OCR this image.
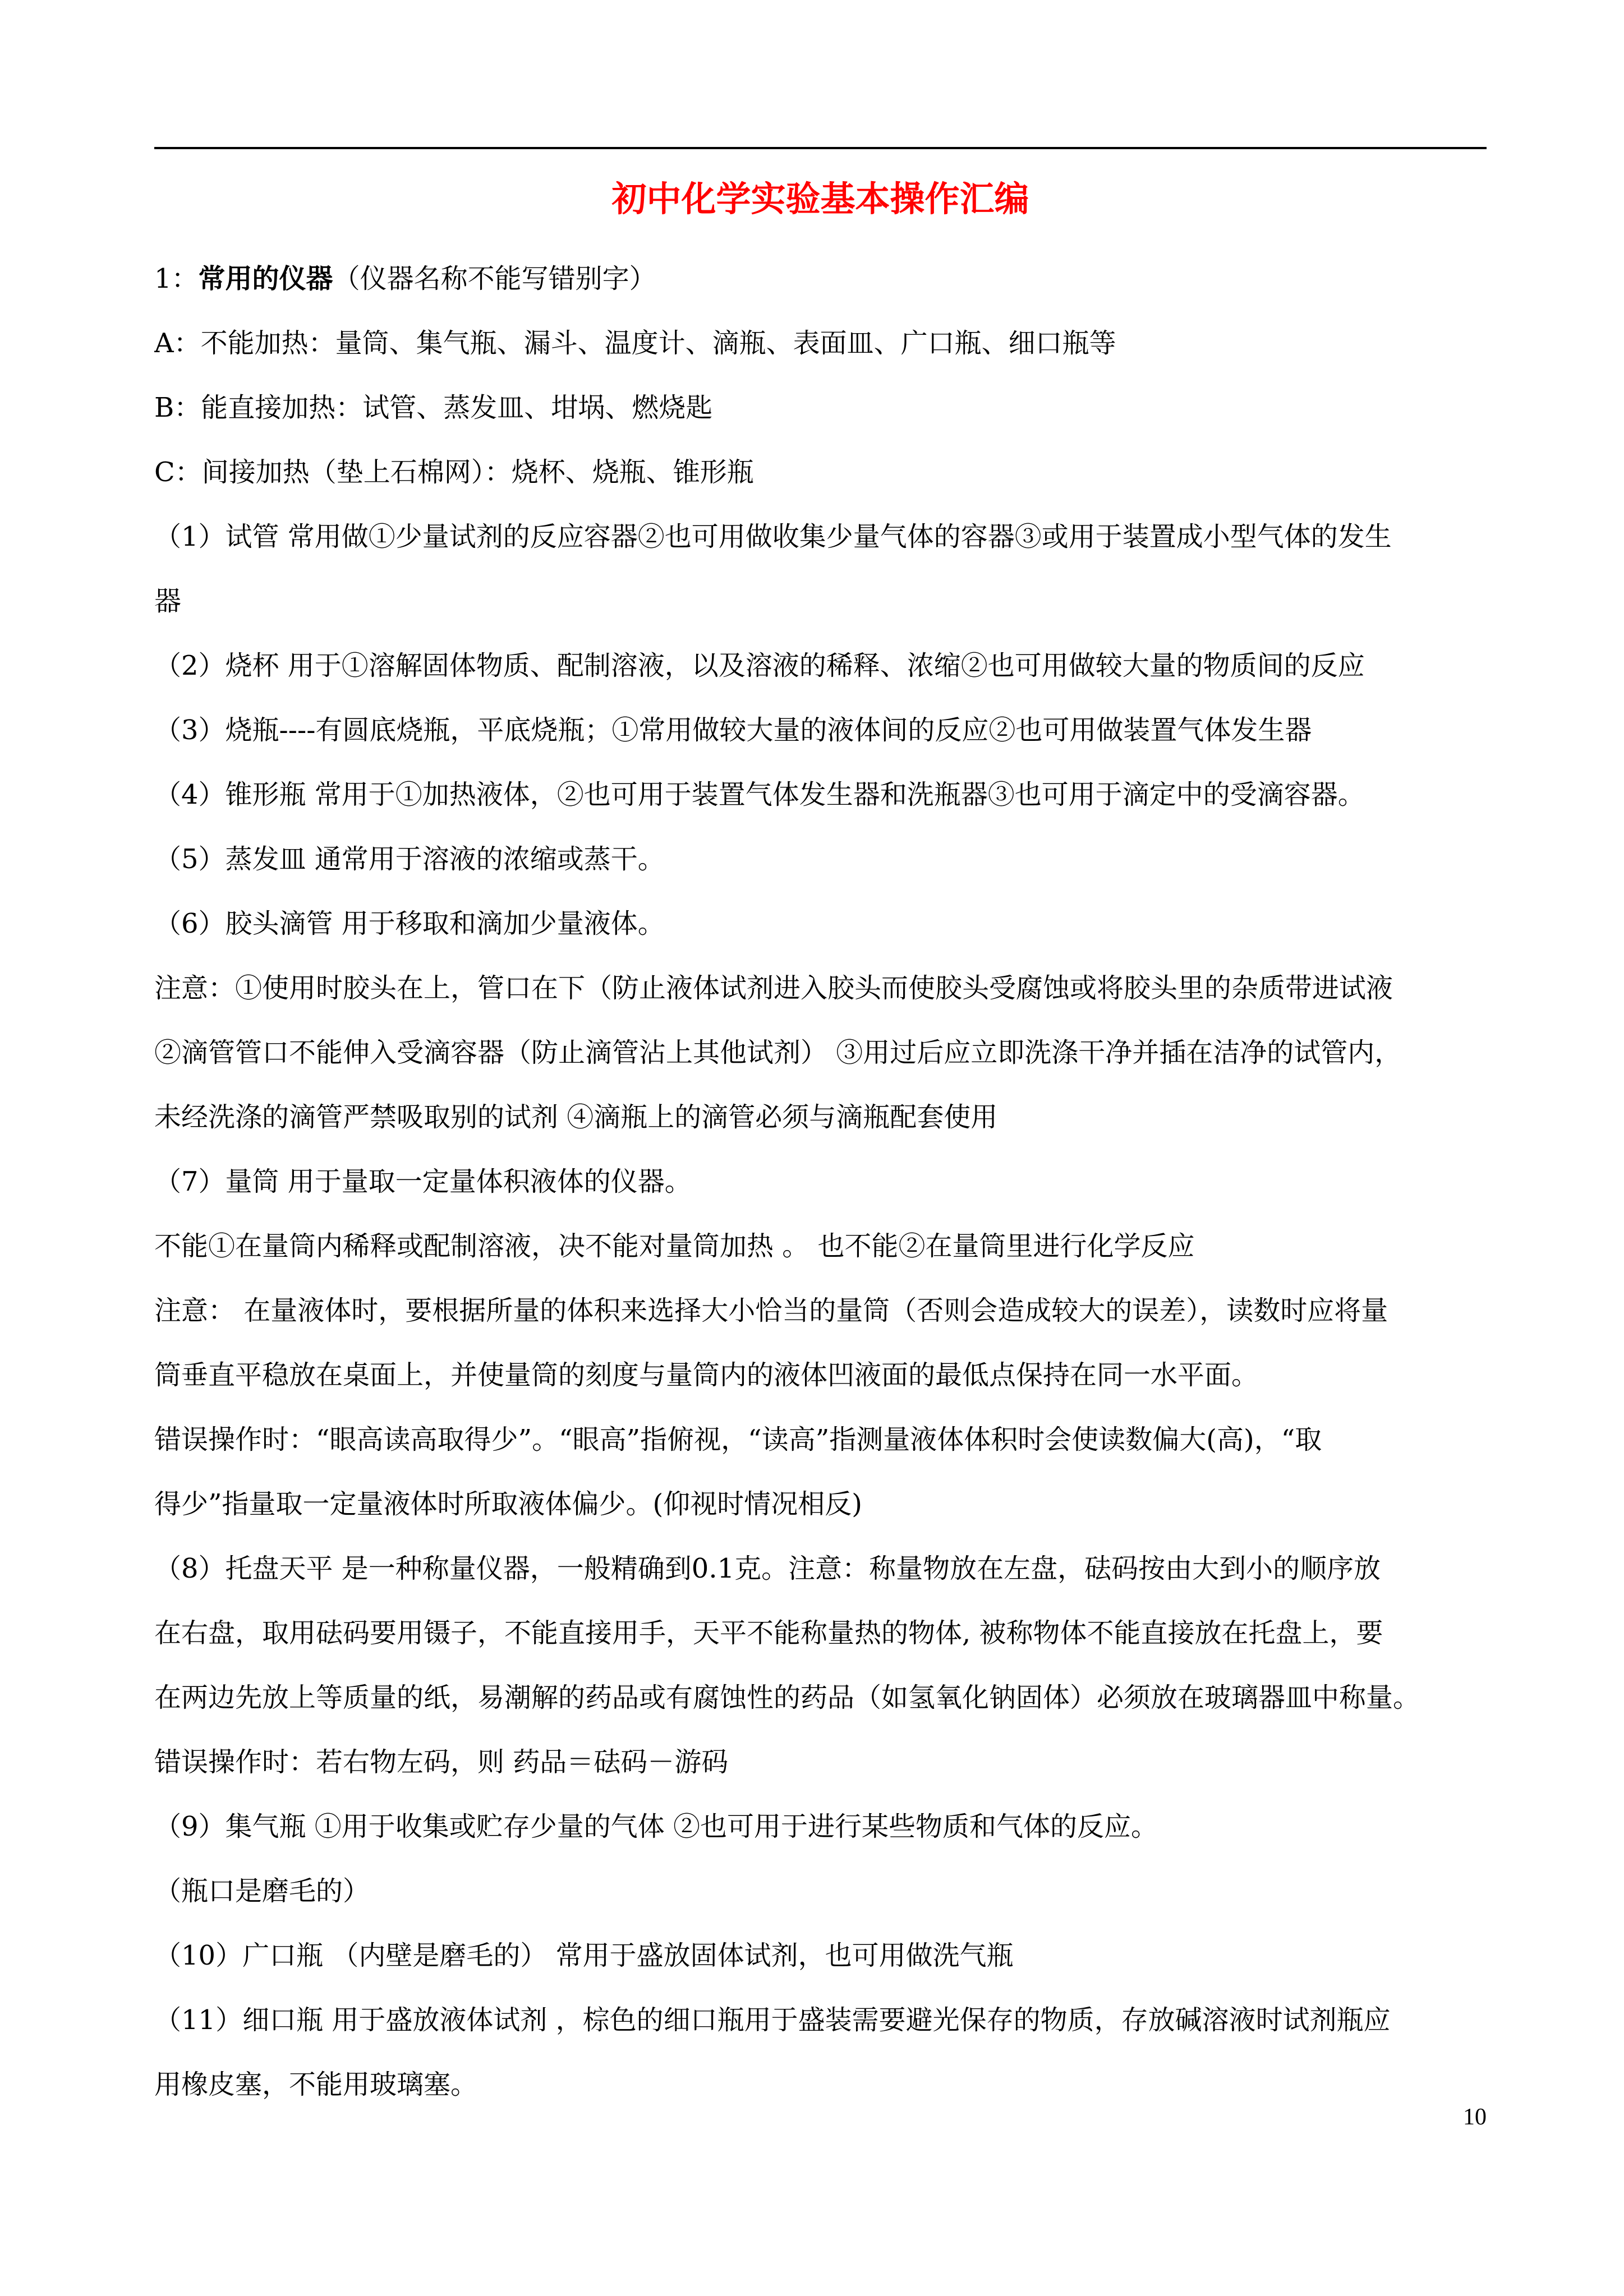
初中化学实验基本操作汇编
1：常用的仪器（仪器名称不能写错别字）
A：不能加热：量筒、集气瓶、漏斗、温度计、滴瓶、表面皿、广口瓶、细口瓶等
B：能直接加热：试管、蒸发皿、坩埚、燃烧匙
C：间接加热（垫上石棉网）：烧杯、烧瓶、锥形瓶
（1）试管 常用做①少量试剂的反应容器②也可用做收集少量气体的容器③或用于装置成小型气体的发生
器
（2）烧杯 用于①溶解固体物质、配制溶液，以及溶液的稀释、浓缩②也可用做较大量的物质间的反应
（3）烧瓶----有圆底烧瓶，平底烧瓶；①常用做较大量的液体间的反应②也可用做装置气体发生器
（4）锥形瓶 常用于①加热液体，②也可用于装置气体发生器和洗瓶器③也可用于滴定中的受滴容器。
（5）蒸发皿 通常用于溶液的浓缩或蒸干。
（6）胶头滴管 用于移取和滴加少量液体。
注意：①使用时胶头在上，管口在下（防止液体试剂进入胶头而使胶头受腐蚀或将胶头里的杂质带进试液
②滴管管口不能伸入受滴容器（防止滴管沾上其他试剂） ③用过后应立即洗涤干净并插在洁净的试管内，
未经洗涤的滴管严禁吸取别的试剂 ④滴瓶上的滴管必须与滴瓶配套使用
（7）量筒 用于量取一定量体积液体的仪器。
不能①在量筒内稀释或配制溶液，决不能对量筒加热 。 也不能②在量筒里进行化学反应
注意： 在量液体时，要根据所量的体积来选择大小恰当的量筒（否则会造成较大的误差），读数时应将量
筒垂直平稳放在桌面上，并使量筒的刻度与量筒内的液体凹液面的最低点保持在同一水平面。
错误操作时：“眼高读高取得少”。“眼高”指俯视，“读高”指测量液体体积时会使读数偏大(高)，“取
得少”指量取一定量液体时所取液体偏少。(仰视时情况相反)
（8）托盘天平 是一种称量仪器，一般精确到0.1克。注意：称量物放在左盘，砝码按由大到小的顺序放
在右盘，取用砝码要用镊子，不能直接用手，天平不能称量热的物体, 被称物体不能直接放在托盘上，要
在两边先放上等质量的纸，易潮解的药品或有腐蚀性的药品（如氢氧化钠固体）必须放在玻璃器皿中称量。
错误操作时：若右物左码，则 药品＝砝码－游码
（9）集气瓶 ①用于收集或贮存少量的气体 ②也可用于进行某些物质和气体的反应。
（瓶口是磨毛的）
（10）广口瓶 （内壁是磨毛的） 常用于盛放固体试剂，也可用做洗气瓶
（11）细口瓶 用于盛放液体试剂 ，棕色的细口瓶用于盛装需要避光保存的物质，存放碱溶液时试剂瓶应
用橡皮塞，不能用玻璃塞。
10
